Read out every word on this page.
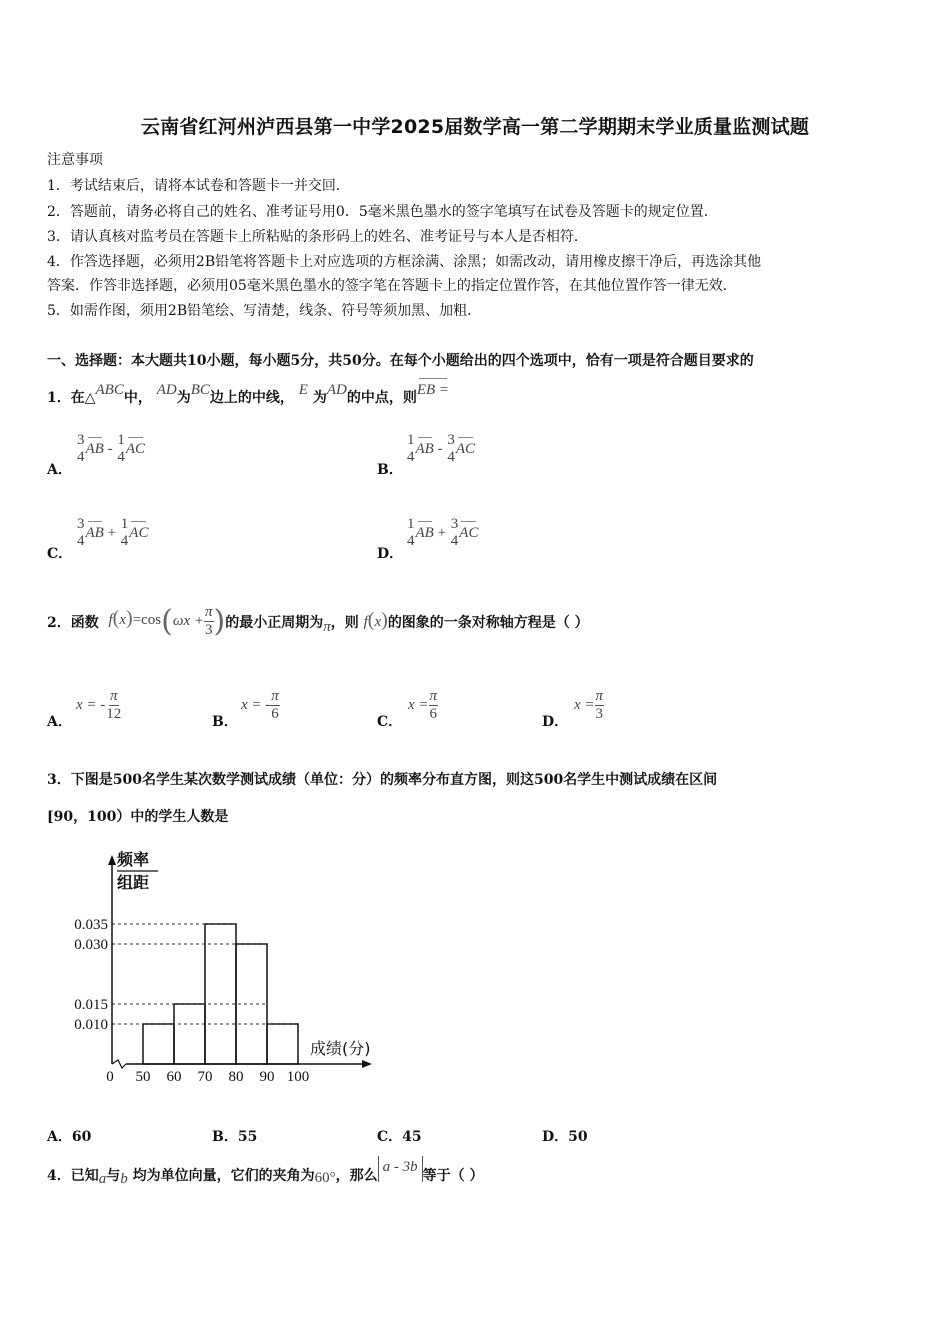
云南省红河州泸西县第一中学2025届数学高一第二学期期末学业质量监测试题
注意事项
1．考试结束后，请将本试卷和答题卡一并交回．
2．答题前，请务必将自己的姓名、准考证号用0．5毫米黑色墨水的签字笔填写在试卷及答题卡的规定位置．
3．请认真核对监考员在答题卡上所粘贴的条形码上的姓名、准考证号与本人是否相符．
4．作答选择题，必须用2B铅笔将答题卡上对应选项的方框涂满、涂黑；如需改动，请用橡皮擦干净后，再选涂其他
答案．作答非选择题，必须用05毫米黑色墨水的签字笔在答题卡上的指定位置作答，在其他位置作答一律无效．
5．如需作图，须用2B铅笔绘、写清楚，线条、符号等须加黑、加粗．
一、选择题：本大题共10小题，每小题5分，共50分。在每个小题给出的四个选项中，恰有一项是符合题目要求的
1．在△ABC中， AD为BC边上的中线， E 为AD的中点，则EB =
A．
3
4
AB
-

1
4
AC
B．
1
4
AB
-

3
4
AC
C．
3
4
AB
+

1
4
AC
D．
1
4
AB
+

3
4
AC
2．函数
f(x)=cos ( $\omega x + \frac{\pi}{3}$ ) 的最小正周期为 π ，则
f(x) 的图象的一条对称轴方程是（ ）
A．
x = - $\frac{\pi}{12}$	B．
x = - $\frac{\pi}{6}$	C．
$x = \frac{\pi}{6}$	D．
$x = \frac{\pi}{3}$
3．下图是500名学生某次数学测试成绩（单位：分）的频率分布直方图，则这500名学生中测试成绩在区间
[90，100）中的学生人数是
0.010
0.015
0.030
0.035
0 50 60 70 80 90 100
频率
组距
成绩(分)
A．60	B．55	C．45	D．50
4．已知 a 与 b
均为单位向量，它们的夹角为 60° ，那么
a - 3b
等于（ ）
